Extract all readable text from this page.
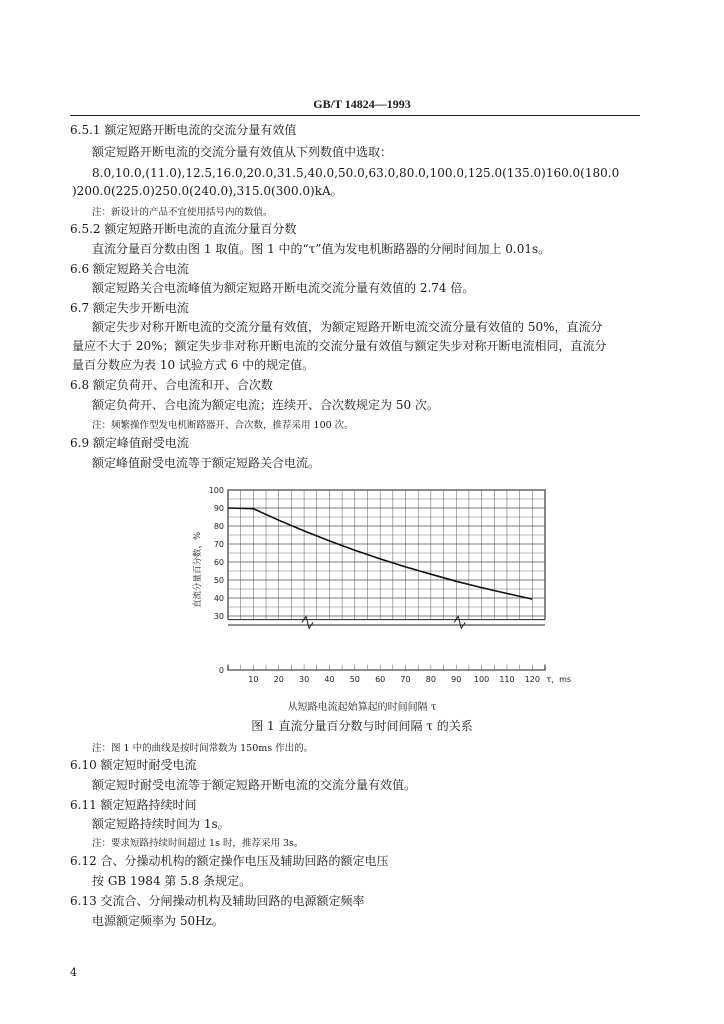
GB/T 14824—1993
6.5.1 额定短路开断电流的交流分量有效值
额定短路开断电流的交流分量有效值从下列数值中选取：
8.0,10.0,(11.0),12.5,16.0,20.0,31.5,40.0,50.0,63.0,80.0,100.0,125.0(135.0)160.0(180.0
)200.0(225.0)250.0(240.0),315.0(300.0)kA。
注：新设计的产品不宜使用括号内的数值。
6.5.2 额定短路开断电流的直流分量百分数
直流分量百分数由图 1 取值。图 1 中的“τ”值为发电机断路器的分闸时间加上 0.01s。
6.6 额定短路关合电流
额定短路关合电流峰值为额定短路开断电流交流分量有效值的 2.74 倍。
6.7 额定失步开断电流
额定失步对称开断电流的交流分量有效值，为额定短路开断电流交流分量有效值的 50%，直流分
量应不大于 20%；额定失步非对称开断电流的交流分量有效值与额定失步对称开断电流相同，直流分
量百分数应为表 10 试验方式 6 中的规定值。
6.8 额定负荷开、合电流和开、合次数
额定负荷开、合电流为额定电流；连续开、合次数规定为 50 次。
注：频繁操作型发电机断路器开、合次数，推荐采用 100 次。
6.9 额定峰值耐受电流
额定峰值耐受电流等于额定短路关合电流。
0
30
40
50
60
70
80
90
100
10 20 30 40 50 60 70 80 90 100 110 120 τ，ms
直流分量百分数，%
从短路电流起始算起的时间间隔 τ
图 1 直流分量百分数与时间间隔 τ 的关系
注：图 1 中的曲线是按时间常数为 150ms 作出的。
6.10 额定短时耐受电流
额定短时耐受电流等于额定短路开断电流的交流分量有效值。
6.11 额定短路持续时间
额定短路持续时间为 1s。
注：要求短路持续时间超过 1s 时，推荐采用 3s。
6.12 合、分操动机构的额定操作电压及辅助回路的额定电压
按 GB 1984 第 5.8 条规定。
6.13 交流合、分闸操动机构及辅助回路的电源额定频率
电源额定频率为 50Hz。
4
